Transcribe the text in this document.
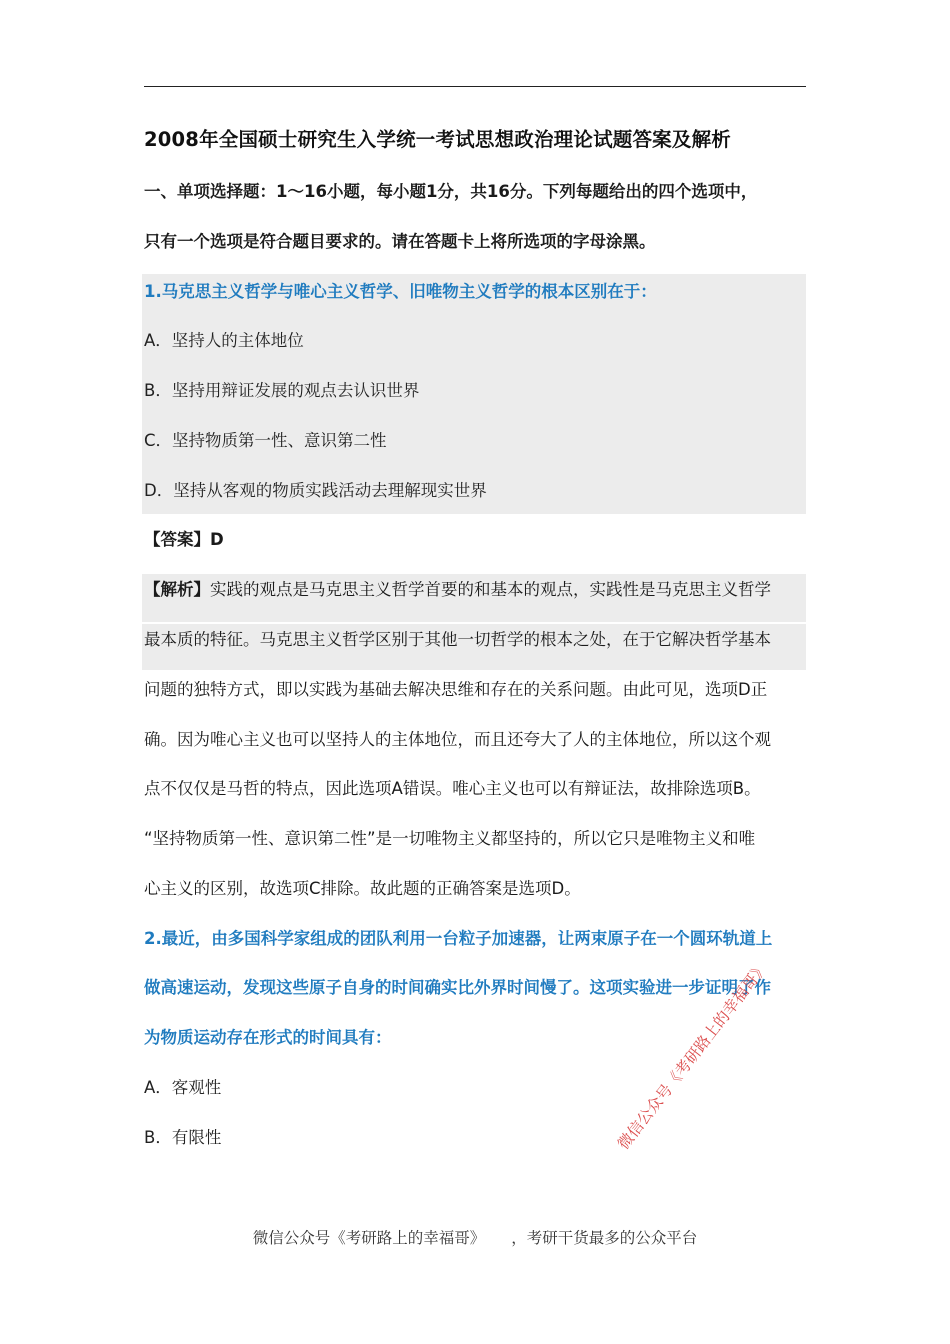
2008年全国硕士研究生入学统一考试思想政治理论试题答案及解析
一、单项选择题：1～16小题，每小题1分，共16分。下列每题给出的四个选项中，
只有一个选项是符合题目要求的。请在答题卡上将所选项的字母涂黑。
1.马克思主义哲学与唯心主义哲学、旧唯物主义哲学的根本区别在于：
A．坚持人的主体地位
B．坚持用辩证发展的观点去认识世界
C．坚持物质第一性、意识第二性
D．坚持从客观的物质实践活动去理解现实世界
【答案】D
【解析】实践的观点是马克思主义哲学首要的和基本的观点，实践性是马克思主义哲学
最本质的特征。马克思主义哲学区别于其他一切哲学的根本之处，在于它解决哲学基本
问题的独特方式，即以实践为基础去解决思维和存在的关系问题。由此可见，选项D正
确。因为唯心主义也可以坚持人的主体地位，而且还夸大了人的主体地位，所以这个观
点不仅仅是马哲的特点，因此选项A错误。唯心主义也可以有辩证法，故排除选项B。
“坚持物质第一性、意识第二性”是一切唯物主义都坚持的，所以它只是唯物主义和唯
心主义的区别，故选项C排除。故此题的正确答案是选项D。
2.最近，由多国科学家组成的团队利用一台粒子加速器，让两束原子在一个圆环轨道上
做高速运动，发现这些原子自身的时间确实比外界时间慢了。这项实验进一步证明了作
为物质运动存在形式的时间具有：
A．客观性
B．有限性	微信公众号《考研路上的幸福哥》
微信公众号《考研路上的幸福哥》 ，考研干货最多的公众平台
